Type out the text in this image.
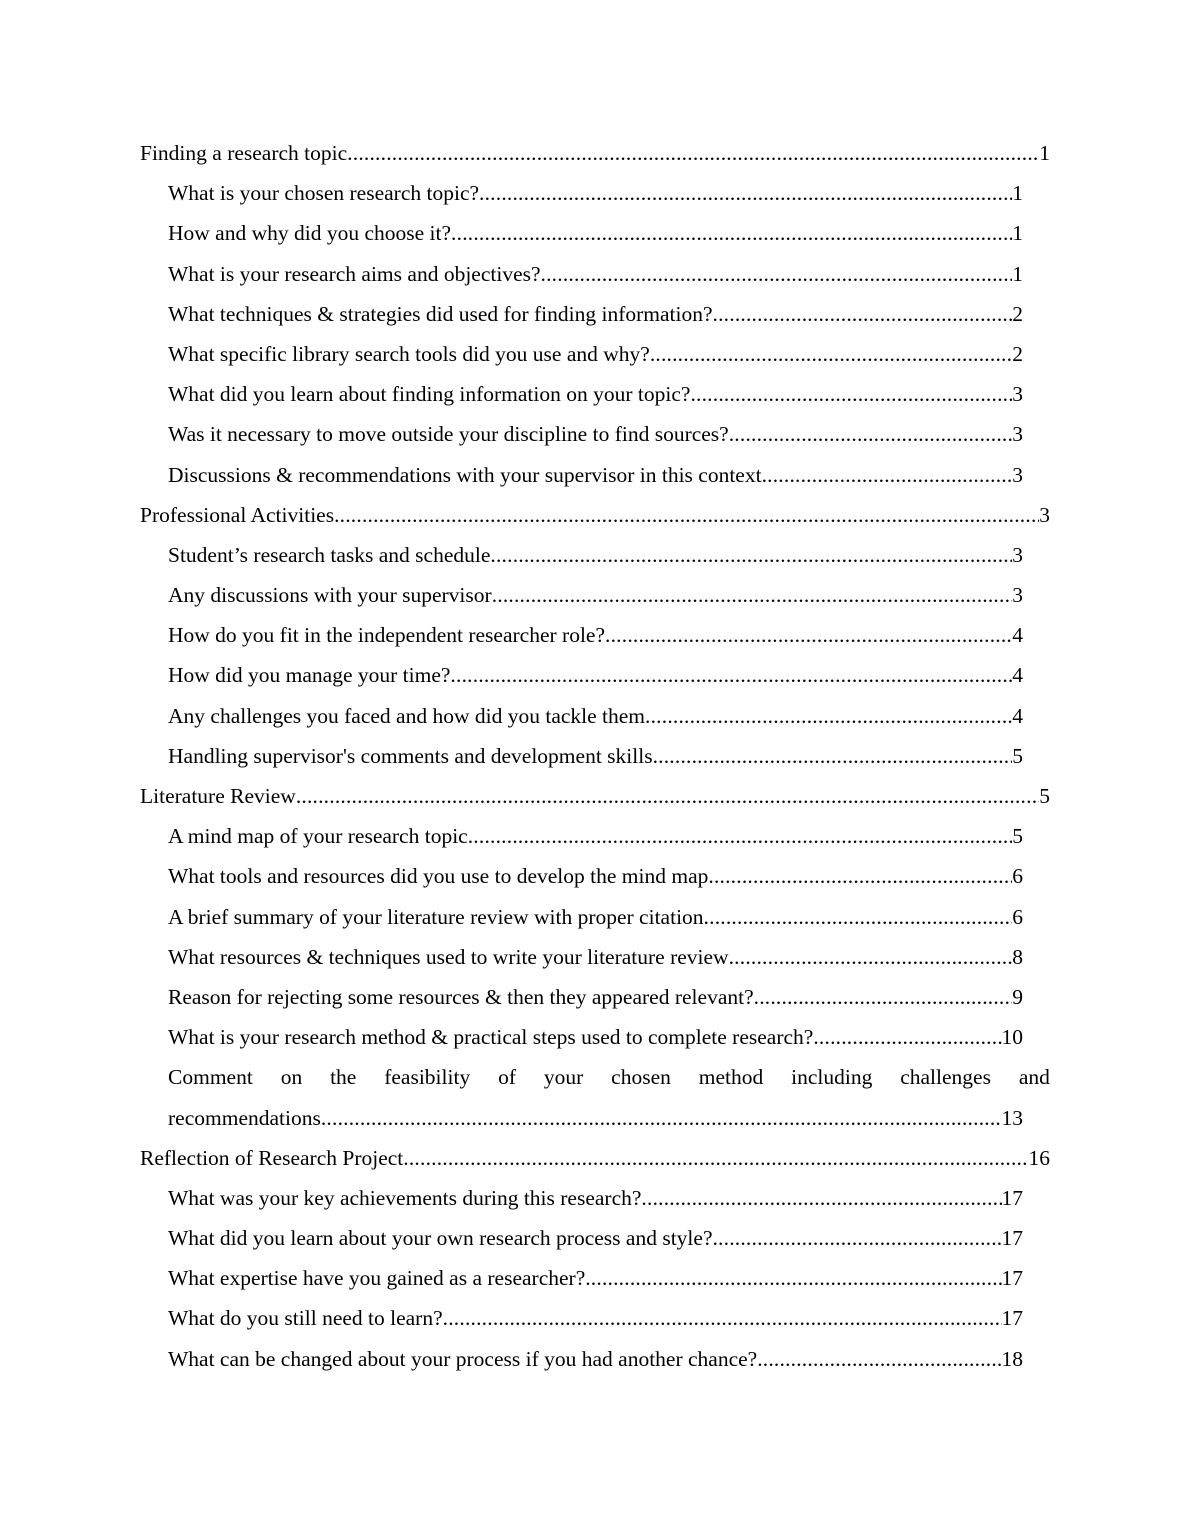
Finding a research topic .....	1
What is your chosen research topic? .....	1
How and why did you choose it? .....	1
What is your research aims and objectives? .....	1
What techniques & strategies did used for finding information? .....	2
What specific library search tools did you use and why? .....	2
What did you learn about finding information on your topic? .....	3
Was it necessary to move outside your discipline to find sources? .....	3
Discussions & recommendations with your supervisor in this context .....	3
Professional Activities .....	3
Student’s research tasks and schedule .....	3
Any discussions with your supervisor .....	3
How do you fit in the independent researcher role? .....	4
How did you manage your time? .....	4
Any challenges you faced and how did you tackle them .....	4
Handling supervisor's comments and development skills .....	5
Literature Review .....	5
A mind map of your research topic .....	5
What tools and resources did you use to develop the mind map .....	6
A brief summary of your literature review with proper citation .....	6
What resources & techniques used to write your literature review .....	8
Reason for rejecting some resources & then they appeared relevant? .....	9
What is your research method & practical steps used to complete research? .....	10
Comment on the feasibility of your chosen method including challenges and
recommendations .....	13
Reflection of Research Project .....	16
What was your key achievements during this research? .....	17
What did you learn about your own research process and style? .....	17
What expertise have you gained as a researcher? .....	17
What do you still need to learn? .....	17
What can be changed about your process if you had another chance? .....	18
